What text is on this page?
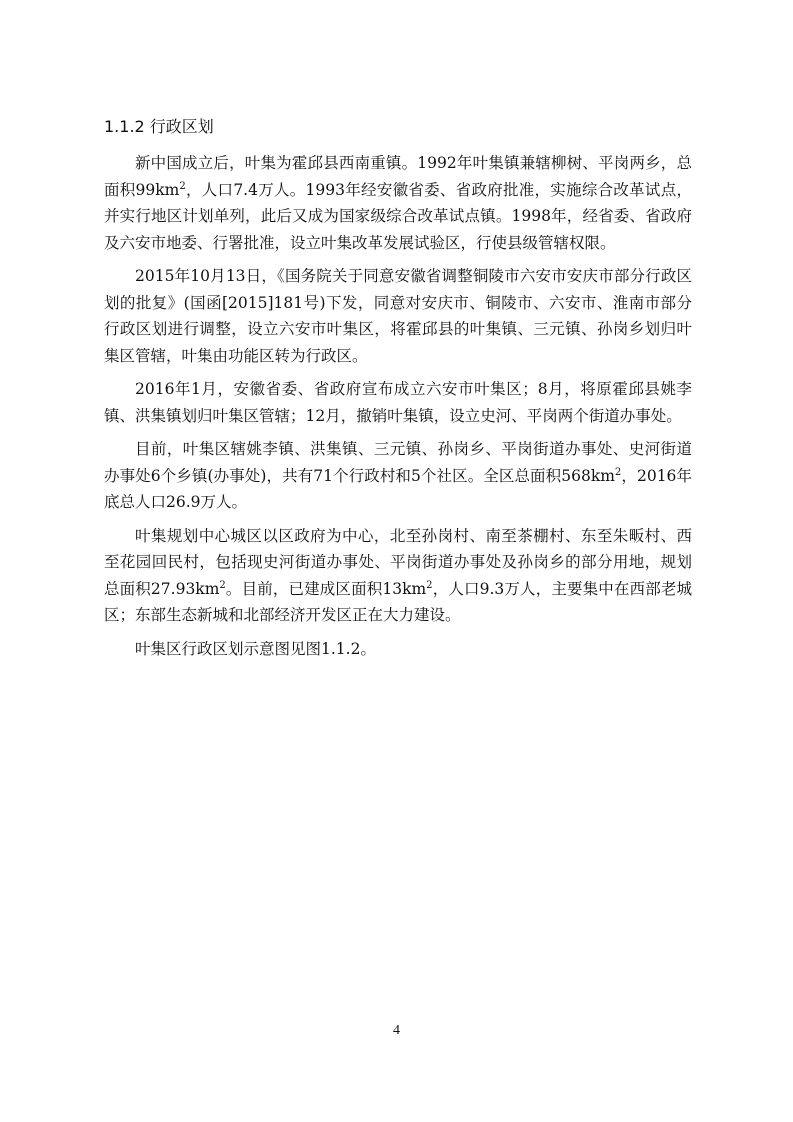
1.1.2 行政区划

新中国成立后，叶集为霍邱县西南重镇。1992年叶集镇兼辖柳树、平岗两乡，总面积$99km^2$，人口7.4万人。1993年经安徽省委、省政府批准，实施综合改革试点，并实行地区计划单列，此后又成为国家级综合改革试点镇。1998年，经省委、省政府及六安市地委、行署批准，设立叶集改革发展试验区，行使县级管辖权限。

2015年10月13日，《国务院关于同意安徽省调整铜陵市六安市安庆市部分行政区划的批复》(国函[2015]181号)下发，同意对安庆市、铜陵市、六安市、淮南市部分行政区划进行调整，设立六安市叶集区，将霍邱县的叶集镇、三元镇、孙岗乡划归叶集区管辖，叶集由功能区转为行政区。

2016年1月，安徽省委、省政府宣布成立六安市叶集区；8月，将原霍邱县姚李镇、洪集镇划归叶集区管辖；12月，撤销叶集镇，设立史河、平岗两个街道办事处。

目前，叶集区辖姚李镇、洪集镇、三元镇、孙岗乡、平岗街道办事处、史河街道办事处6个乡镇(办事处)，共有71个行政村和5个社区。全区总面积$568km^2$，2016年底总人口26.9万人。

叶集规划中心城区以区政府为中心，北至孙岗村、南至茶棚村、东至朱畈村、西至花园回民村，包括现史河街道办事处、平岗街道办事处及孙岗乡的部分用地，规划总面积$27.93km^2$。目前，已建成区面积$13km^2$，人口9.3万人，主要集中在西部老城区；东部生态新城和北部经济开发区正在大力建设。

叶集区行政区划示意图见图1.1.2。

4
